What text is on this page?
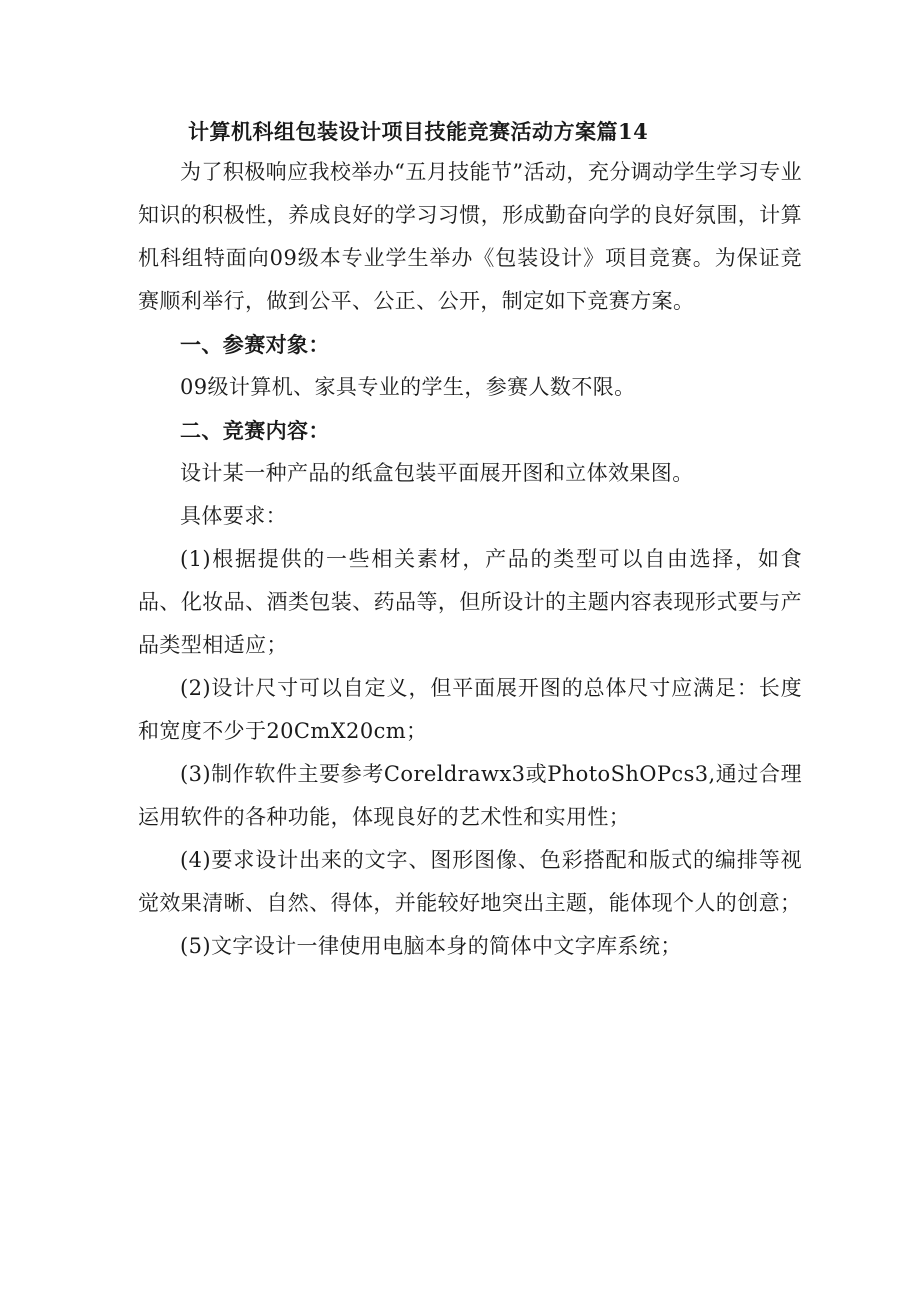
计算机科组包装设计项目技能竞赛活动方案篇14

为了积极响应我校举办“五月技能节”活动，充分调动学生学习专业知识的积极性，养成良好的学习习惯，形成勤奋向学的良好氛围，计算机科组特面向09级本专业学生举办《包装设计》项目竞赛。为保证竞赛顺利举行，做到公平、公正、公开，制定如下竞赛方案。

一、参赛对象：

09级计算机、家具专业的学生，参赛人数不限。

二、竞赛内容：

设计某一种产品的纸盒包装平面展开图和立体效果图。

具体要求：

(1)根据提供的一些相关素材，产品的类型可以自由选择，如食品、化妆品、酒类包装、药品等，但所设计的主题内容表现形式要与产品类型相适应；

(2)设计尺寸可以自定义，但平面展开图的总体尺寸应满足：长度和宽度不少于20CmX20cm；

(3)制作软件主要参考Coreldrawx3或PhotoShOPcs3,通过合理运用软件的各种功能，体现良好的艺术性和实用性；

(4)要求设计出来的文字、图形图像、色彩搭配和版式的编排等视觉效果清晰、自然、得体，并能较好地突出主题，能体现个人的创意；

(5)文字设计一律使用电脑本身的简体中文字库系统；
